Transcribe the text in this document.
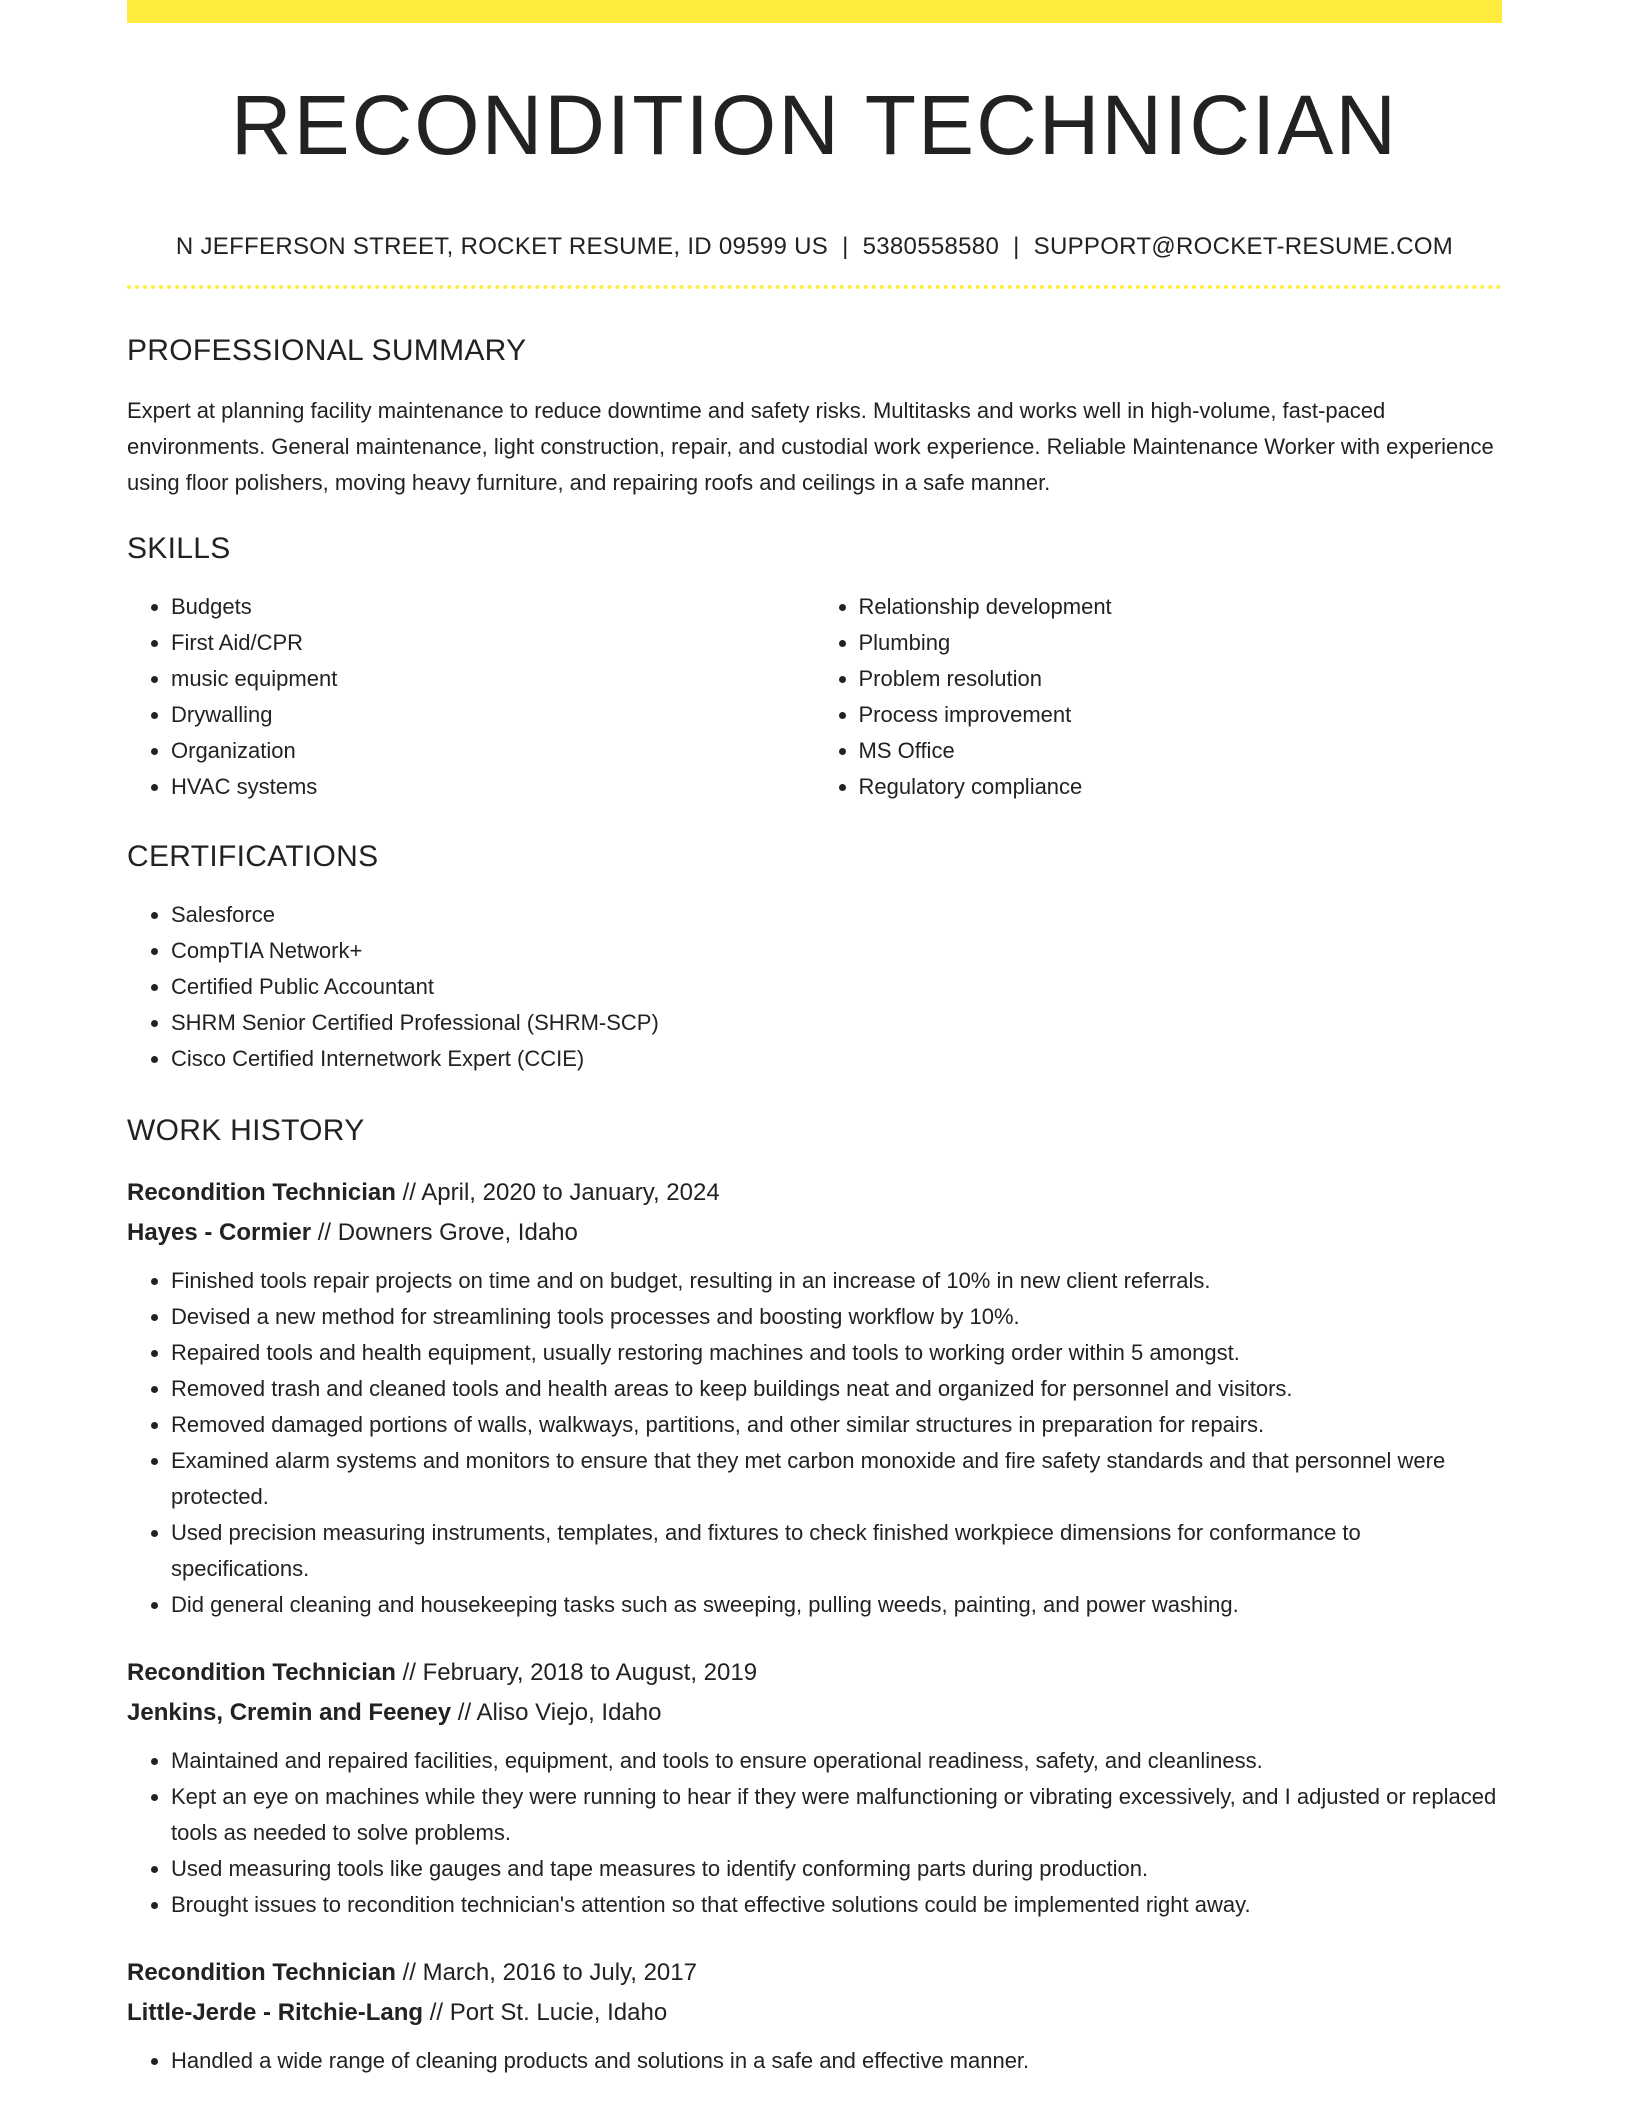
RECONDITION TECHNICIAN
N JEFFERSON STREET, ROCKET RESUME, ID 09599 US | 5380558580 | SUPPORT@ROCKET-RESUME.COM
PROFESSIONAL SUMMARY

Expert at planning facility maintenance to reduce downtime and safety risks. Multitasks and works well in high-volume, fast-paced environments. General maintenance, light construction, repair, and custodial work experience. Reliable Maintenance Worker with experience using floor polishers, moving heavy furniture, and repairing roofs and ceilings in a safe manner.

SKILLS
• Budgets
• First Aid/CPR
• music equipment
• Drywalling
• Organization
• HVAC systems
• Relationship development
• Plumbing
• Problem resolution
• Process improvement
• MS Office
• Regulatory compliance
CERTIFICATIONS
• Salesforce
• CompTIA Network+
• Certified Public Accountant
• SHRM Senior Certified Professional (SHRM-SCP)
• Cisco Certified Internetwork Expert (CCIE)
WORK HISTORY
Recondition Technician // April, 2020 to January, 2024
Hayes - Cormier // Downers Grove, Idaho
• Finished tools repair projects on time and on budget, resulting in an increase of 10% in new client referrals.
• Devised a new method for streamlining tools processes and boosting workflow by 10%.
• Repaired tools and health equipment, usually restoring machines and tools to working order within 5 amongst.
• Removed trash and cleaned tools and health areas to keep buildings neat and organized for personnel and visitors.
• Removed damaged portions of walls, walkways, partitions, and other similar structures in preparation for repairs.
• Examined alarm systems and monitors to ensure that they met carbon monoxide and fire safety standards and that personnel were protected.
• Used precision measuring instruments, templates, and fixtures to check finished workpiece dimensions for conformance to specifications.
• Did general cleaning and housekeeping tasks such as sweeping, pulling weeds, painting, and power washing.
Recondition Technician // February, 2018 to August, 2019
Jenkins, Cremin and Feeney // Aliso Viejo, Idaho
• Maintained and repaired facilities, equipment, and tools to ensure operational readiness, safety, and cleanliness.
• Kept an eye on machines while they were running to hear if they were malfunctioning or vibrating excessively, and I adjusted or replaced tools as needed to solve problems.
• Used measuring tools like gauges and tape measures to identify conforming parts during production.
• Brought issues to recondition technician's attention so that effective solutions could be implemented right away.
Recondition Technician // March, 2016 to July, 2017
Little-Jerde - Ritchie-Lang // Port St. Lucie, Idaho
• Handled a wide range of cleaning products and solutions in a safe and effective manner.
